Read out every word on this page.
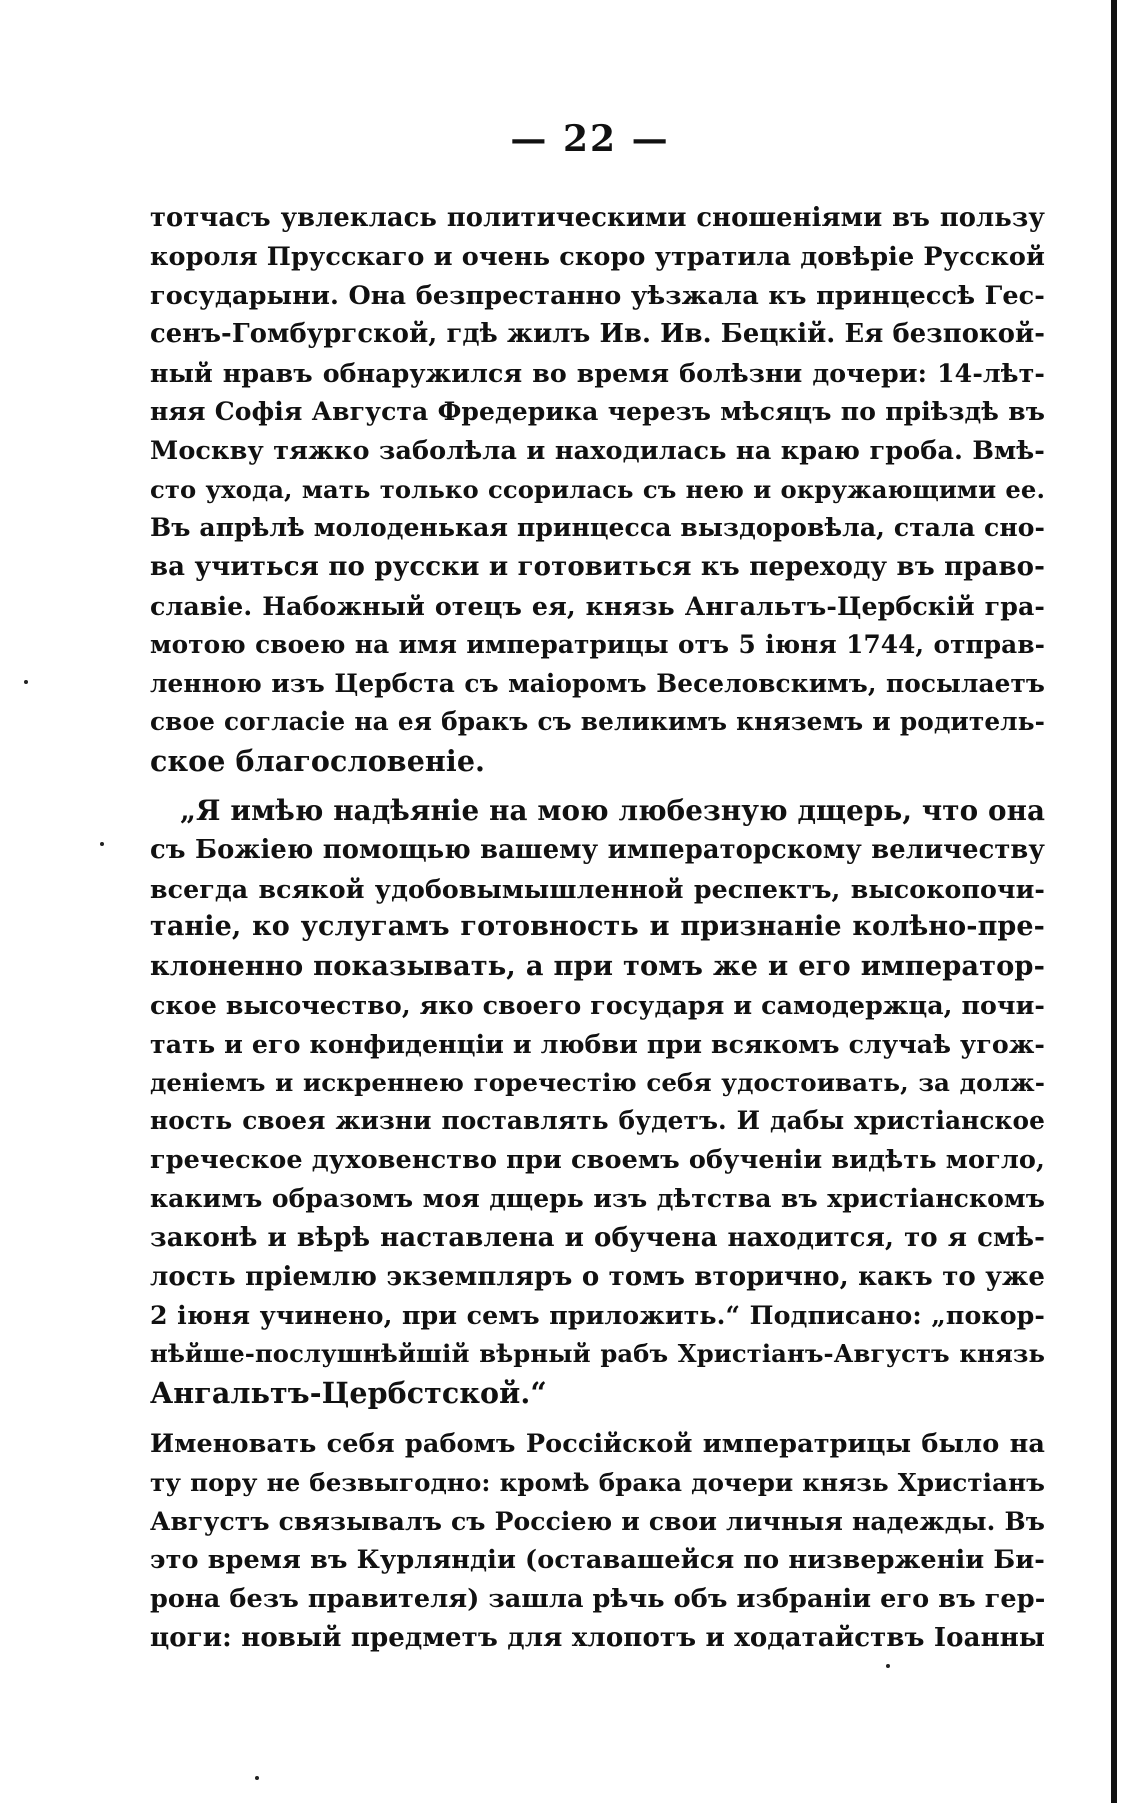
— 22 —
тотчасъ увлеклась политическими сношеніями въ пользу
короля Прусскаго и очень скоро утратила довѣріе Русской
государыни. Она безпрестанно уѣзжала къ принцессѣ Гес-
сенъ-Гомбургской, гдѣ жилъ Ив. Ив. Бецкій. Ея безпокой-
ный нравъ обнаружился во время болѣзни дочери: 14-лѣт-
няя Софія Августа Фредерика черезъ мѣсяцъ по пріѣздѣ въ
Москву тяжко заболѣла и находилась на краю гроба. Вмѣ-
сто ухода, мать только ссорилась съ нею и окружающими ее.
Въ апрѣлѣ молоденькая принцесса выздоровѣла, стала сно-
ва учиться по русски и готовиться къ переходу въ право-
славіе. Набожный отецъ ея, князь Ангальтъ-Цербскій гра-
мотою своею на имя императрицы отъ 5 іюня 1744, отправ-
ленною изъ Цербста съ маіоромъ Веселовскимъ, посылаетъ
свое согласіе на ея бракъ съ великимъ княземъ и родитель-
ское благословеніе.
„Я имѣю надѣяніе на мою любезную дщерь, что она
съ Божіею помощью вашему императорскому величеству
всегда всякой удобовымышленной респектъ, высокопочи-
таніе, ко услугамъ готовность и признаніе колѣно-пре-
клоненно показывать, а при томъ же и его император-
ское высочество, яко своего государя и самодержца, почи-
тать и его конфиденціи и любви при всякомъ случаѣ угож-
деніемъ и искреннею горечестію себя удостоивать, за долж-
ность своея жизни поставлять будетъ. И дабы христіанское
греческое духовенство при своемъ обученіи видѣть могло,
какимъ образомъ моя дщерь изъ дѣтства въ христіанскомъ
законѣ и вѣрѣ наставлена и обучена находится, то я смѣ-
лость пріемлю экземпляръ о томъ вторично, какъ то уже
2 іюня учинено, при семъ приложить.“ Подписано: „покор-
нѣйше-послушнѣйшій вѣрный рабъ Христіанъ-Августъ князь
Ангальтъ-Цербстской.“
Именовать себя рабомъ Россійской императрицы было на
ту пору не безвыгодно: кромѣ брака дочери князь Христіанъ
Августъ связывалъ съ Россіею и свои личныя надежды. Въ
это время въ Курляндіи (оставашейся по низверженіи Би-
рона безъ правителя) зашла рѣчь объ избраніи его въ гер-
цоги: новый предметъ для хлопотъ и ходатайствъ Іоанны
